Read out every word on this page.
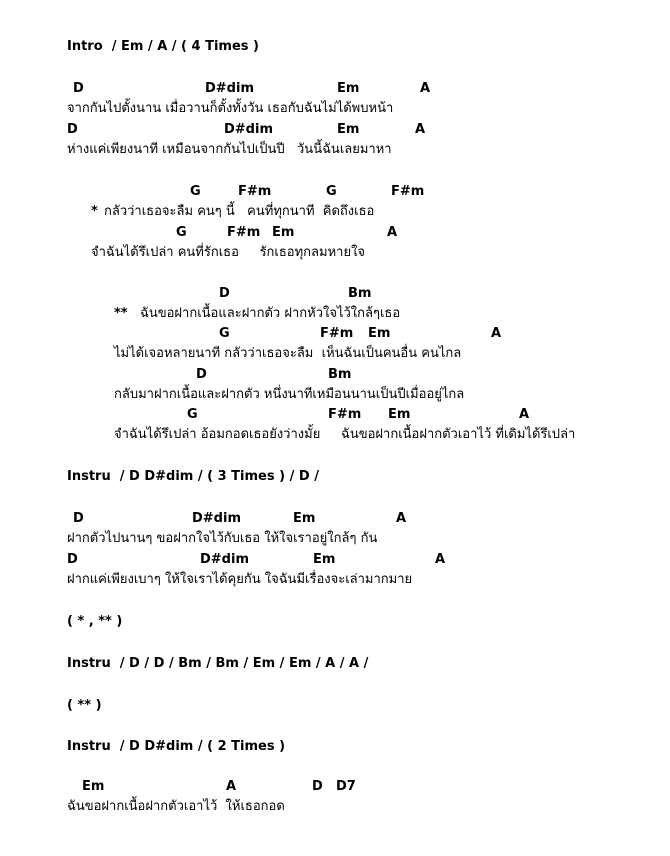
Intro  / Em / A / ( 4 Times )
D	D#dim	Em	A
จากกันไปตั้งนาน เมื่อวานก็ตั้งทั้งวัน เธอกับฉันไม่ได้พบหน้า
D	D#dim	Em	A
ห่างแค่เพียงนาที เหมือนจากกันไปเป็นปี   วันนี้ฉันเลยมาหา
G	F#m	G	F#m
* กลัวว่าเธอจะลืม คนๆ นี้   คนที่ทุกนาที  คิดถึงเธอ
G	F#m Em	A
จำฉันได้รึเปล่า คนที่รักเธอ     รักเธอทุกลมหายใจ
D	Bm
** ฉันขอฝากเนื้อและฝากตัว ฝากหัวใจไว้ใกล้ๆเธอ
G	F#m Em	A
ไม่ได้เจอหลายนาที กลัวว่าเธอจะลืม  เห็นฉันเป็นคนอื่น คนไกล
D	Bm
กลับมาฝากเนื้อและฝากตัว หนึ่งนาทีเหมือนนานเป็นปีเมื่ออยู่ไกล
G	F#m Em	A
จำฉันได้รึเปล่า อ้อมกอดเธอยังว่างมั้ย     ฉันขอฝากเนื้อฝากตัวเอาไว้ ที่เดิมได้รึเปล่า
Instru  / D D#dim / ( 3 Times ) / D /
D	D#dim	Em	A
ฝากตัวไปนานๆ ขอฝากใจไว้กับเธอ ให้ใจเราอยู่ใกล้ๆ กัน
D	D#dim	Em	A
ฝากแค่เพียงเบาๆ ให้ใจเราได้คุยกัน ใจฉันมีเรื่องจะเล่ามากมาย
( * , ** )
Instru  / D / D / Bm / Bm / Em / Em / A / A /
( ** )
Instru  / D D#dim / ( 2 Times )
Em	A	D D7
ฉันขอฝากเนื้อฝากตัวเอาไว้  ให้เธอกอด
